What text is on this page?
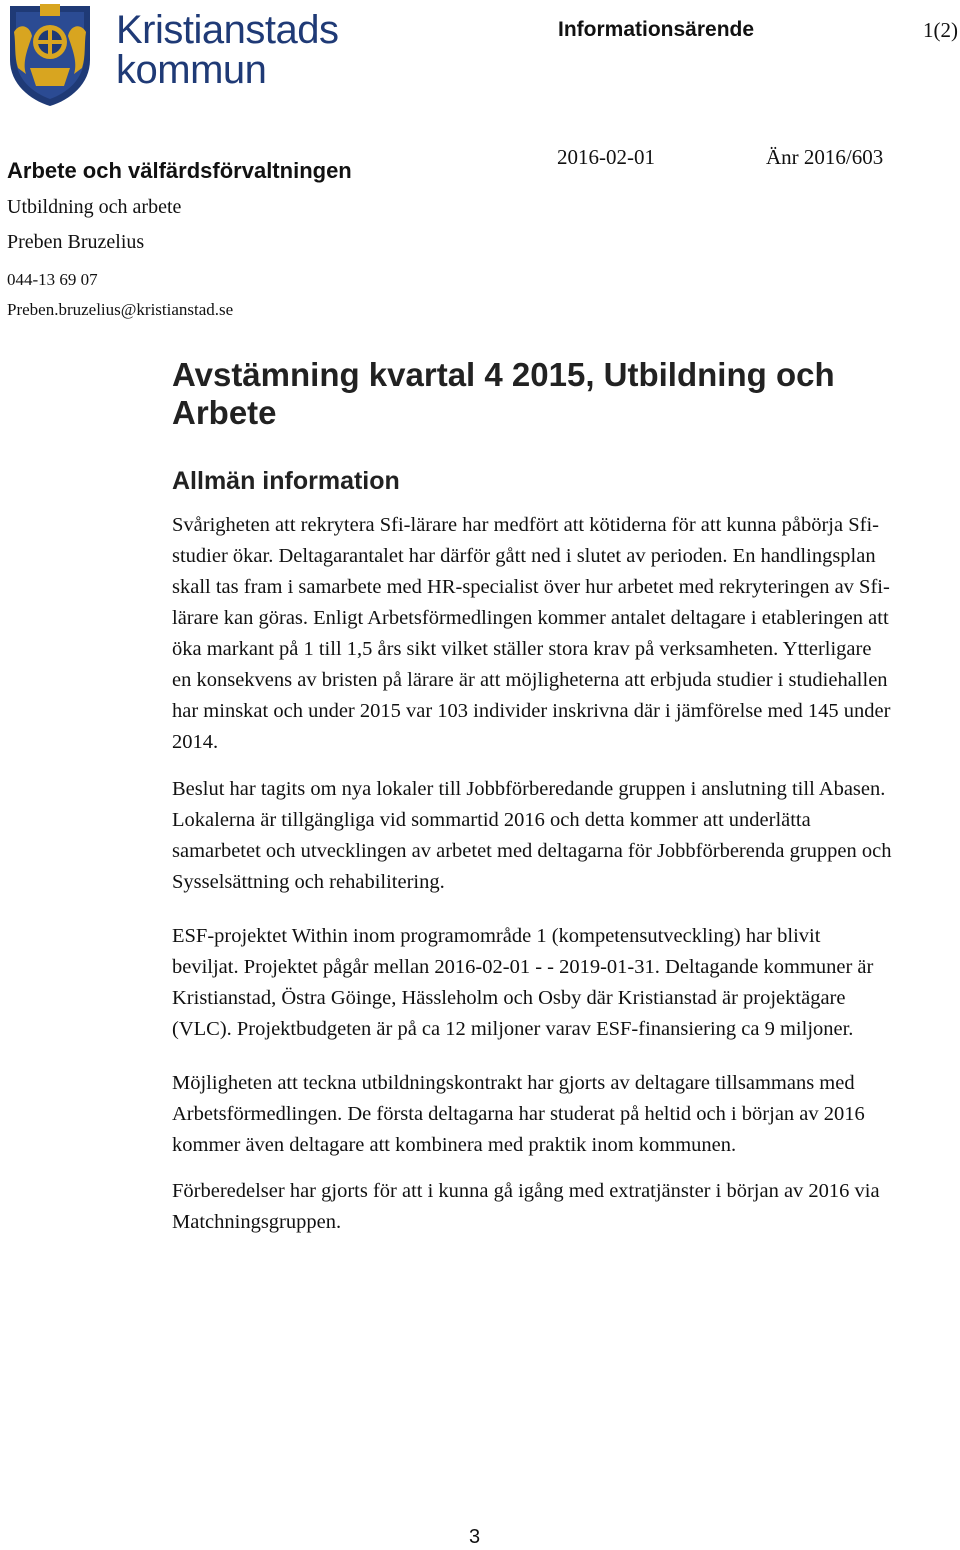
Kristianstads
kommun
Informationsärende	1(2)
Arbete och välfärdsförvaltningen
2016-02-01	Änr 2016/603
Utbildning och arbete
Preben Bruzelius
044-13 69 07
Preben.bruzelius@kristianstad.se
Avstämning kvartal 4 2015, Utbildning och Arbete
Allmän information

Svårigheten att rekrytera Sfi-lärare har medfört att kötiderna för att kunna påbörja Sfi-studier ökar. Deltagarantalet har därför gått ned i slutet av perioden. En handlingsplan skall tas fram i samarbete med HR-specialist över hur arbetet med rekryteringen av Sfi-lärare kan göras. Enligt Arbetsförmedlingen kommer antalet deltagare i etableringen att öka markant på 1 till 1,5 års sikt vilket ställer stora krav på verksamheten. Ytterligare en konsekvens av bristen på lärare är att möjligheterna att erbjuda studier i studiehallen har minskat och under 2015 var 103 individer inskrivna där i jämförelse med 145 under 2014.

Beslut har tagits om nya lokaler till Jobbförberedande gruppen i anslutning till Abasen. Lokalerna är tillgängliga vid sommartid 2016 och detta kommer att underlätta samarbetet och utvecklingen av arbetet med deltagarna för Jobbförberenda gruppen och Sysselsättning och rehabilitering.

ESF-projektet Within inom programområde 1 (kompetensutveckling) har blivit beviljat. Projektet pågår mellan 2016-02-01 - - 2019-01-31. Deltagande kommuner är Kristianstad, Östra Göinge, Hässleholm och Osby där Kristianstad är projektägare (VLC). Projektbudgeten är på ca 12 miljoner varav ESF-finansiering ca 9 miljoner.

Möjligheten att teckna utbildningskontrakt har gjorts av deltagare tillsammans med Arbetsförmedlingen. De första deltagarna har studerat på heltid och i början av 2016 kommer även deltagare att kombinera med praktik inom kommunen.

Förberedelser har gjorts för att i kunna gå igång med extratjänster i början av 2016 via Matchningsgruppen.

3
